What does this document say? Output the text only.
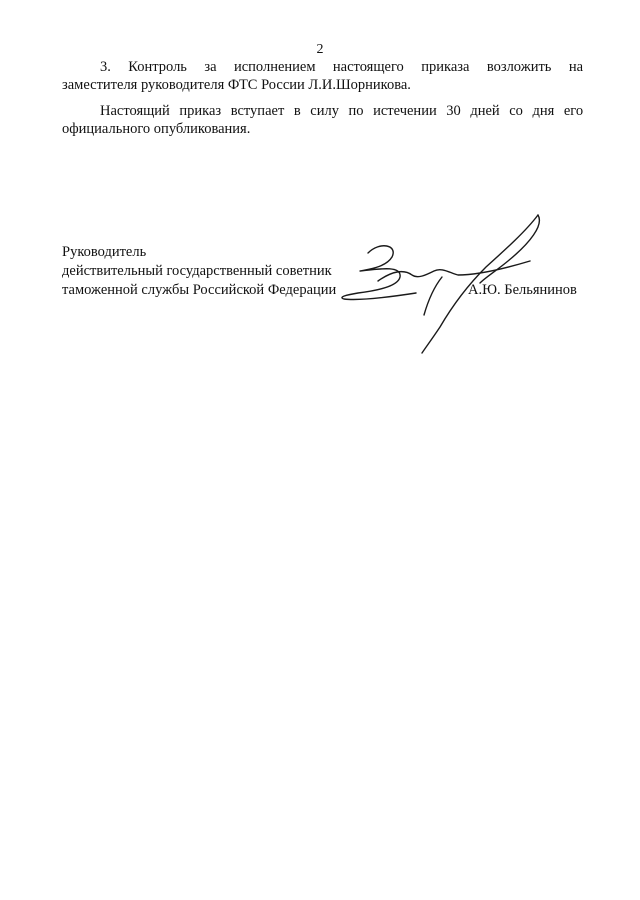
2
3. Контроль за исполнением настоящего приказа возложить на
заместителя руководителя ФТС России Л.И.Шорникова.
Настоящий приказ вступает в силу по истечении 30 дней со дня его
официального опубликования.
Руководитель
действительный государственный советник
таможенной службы Российской Федерации	А.Ю. Бельянинов
